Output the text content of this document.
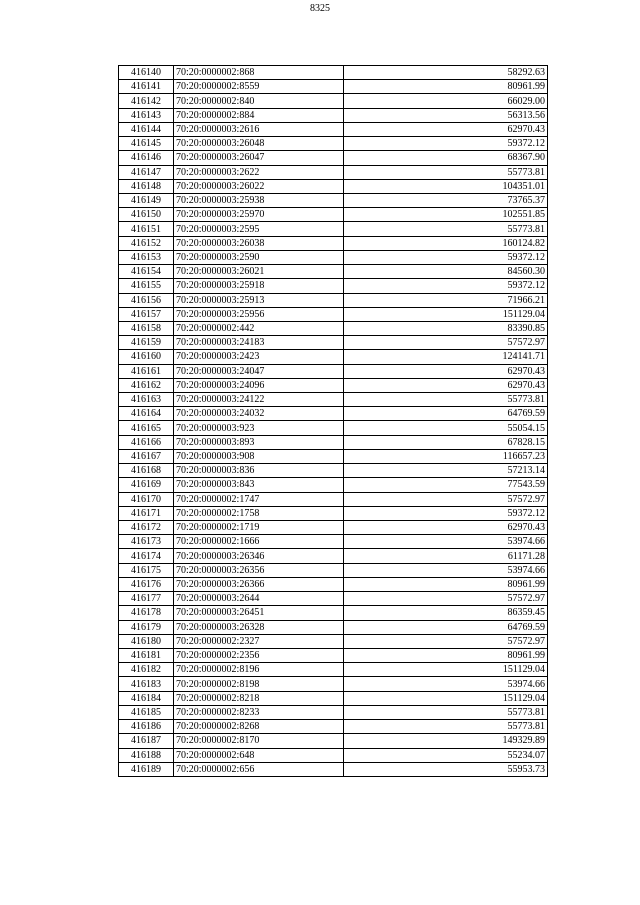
8325
416140	70:20:0000002:868	58292.63
416141	70:20:0000002:8559	80961.99
416142	70:20:0000002:840	66029.00
416143	70:20:0000002:884	56313.56
416144	70:20:0000003:2616	62970.43
416145	70:20:0000003:26048	59372.12
416146	70:20:0000003:26047	68367.90
416147	70:20:0000003:2622	55773.81
416148	70:20:0000003:26022	104351.01
416149	70:20:0000003:25938	73765.37
416150	70:20:0000003:25970	102551.85
416151	70:20:0000003:2595	55773.81
416152	70:20:0000003:26038	160124.82
416153	70:20:0000003:2590	59372.12
416154	70:20:0000003:26021	84560.30
416155	70:20:0000003:25918	59372.12
416156	70:20:0000003:25913	71966.21
416157	70:20:0000003:25956	151129.04
416158	70:20:0000002:442	83390.85
416159	70:20:0000003:24183	57572.97
416160	70:20:0000003:2423	124141.71
416161	70:20:0000003:24047	62970.43
416162	70:20:0000003:24096	62970.43
416163	70:20:0000003:24122	55773.81
416164	70:20:0000003:24032	64769.59
416165	70:20:0000003:923	55054.15
416166	70:20:0000003:893	67828.15
416167	70:20:0000003:908	116657.23
416168	70:20:0000003:836	57213.14
416169	70:20:0000003:843	77543.59
416170	70:20:0000002:1747	57572.97
416171	70:20:0000002:1758	59372.12
416172	70:20:0000002:1719	62970.43
416173	70:20:0000002:1666	53974.66
416174	70:20:0000003:26346	61171.28
416175	70:20:0000003:26356	53974.66
416176	70:20:0000003:26366	80961.99
416177	70:20:0000003:2644	57572.97
416178	70:20:0000003:26451	86359.45
416179	70:20:0000003:26328	64769.59
416180	70:20:0000002:2327	57572.97
416181	70:20:0000002:2356	80961.99
416182	70:20:0000002:8196	151129.04
416183	70:20:0000002:8198	53974.66
416184	70:20:0000002:8218	151129.04
416185	70:20:0000002:8233	55773.81
416186	70:20:0000002:8268	55773.81
416187	70:20:0000002:8170	149329.89
416188	70:20:0000002:648	55234.07
416189	70:20:0000002:656	55953.73
